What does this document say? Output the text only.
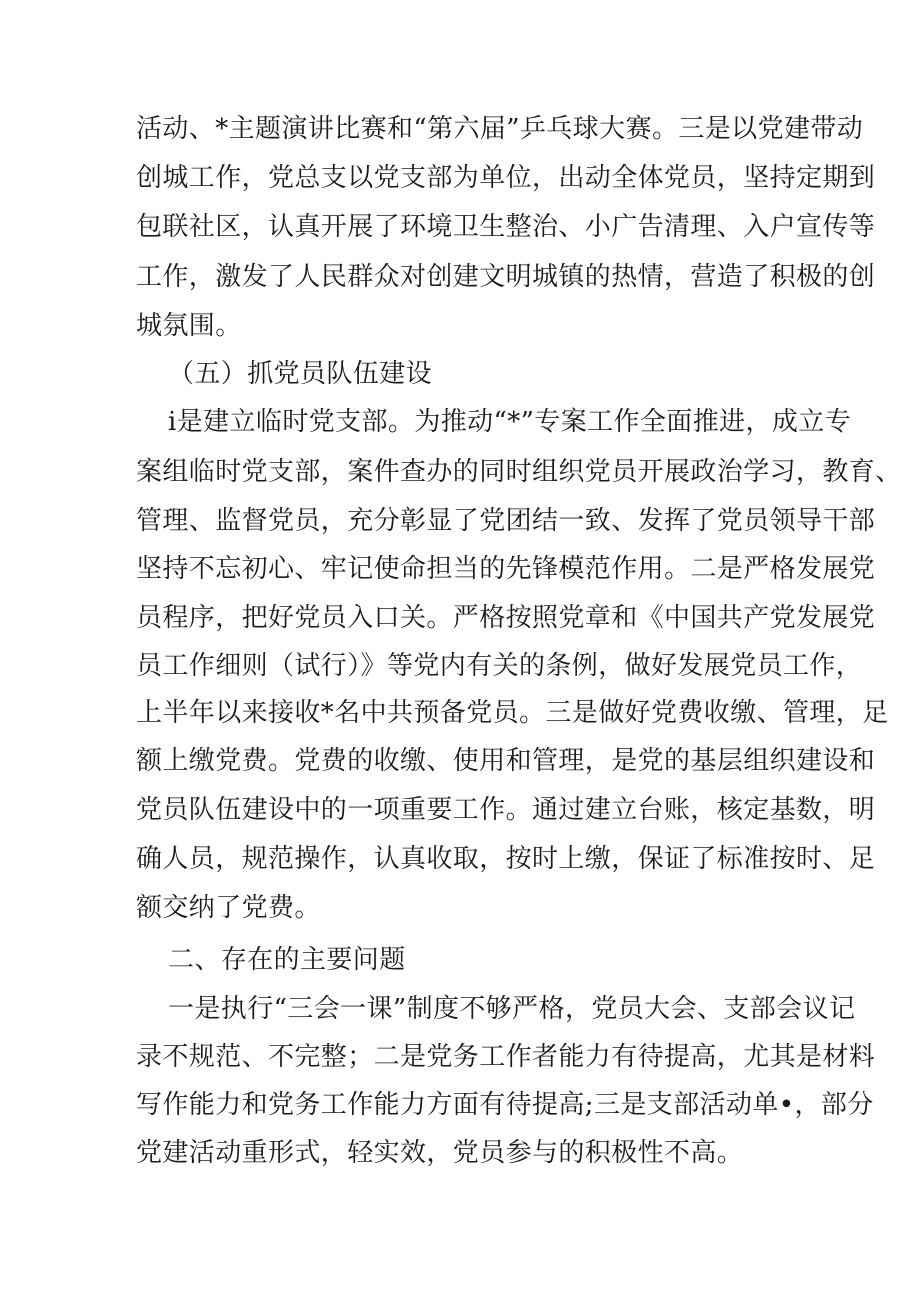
活动、*主题演讲比赛和“第六届”乒乓球大赛。三是以党建带动

创城工作，党总支以党支部为单位，出动全体党员，坚持定期到

包联社区，认真开展了环境卫生整治、小广告清理、入户宣传等

工作，激发了人民群众对创建文明城镇的热情，营造了积极的创

城氛围。

（五）抓党员队伍建设

i是建立临时党支部。为推动“*”专案工作全面推进，成立专

案组临时党支部，案件查办的同时组织党员开展政治学习，教育、

管理、监督党员，充分彰显了党团结一致、发挥了党员领导干部

坚持不忘初心、牢记使命担当的先锋模范作用。二是严格发展党

员程序，把好党员入口关。严格按照党章和《中国共产党发展党

员工作细则（试行）》等党内有关的条例，做好发展党员工作，

上半年以来接收*名中共预备党员。三是做好党费收缴、管理，足

额上缴党费。党费的收缴、使用和管理，是党的基层组织建设和

党员队伍建设中的一项重要工作。通过建立台账，核定基数，明

确人员，规范操作，认真收取，按时上缴，保证了标准按时、足

额交纳了党费。

二、存在的主要问题

一是执行“三会一课”制度不够严格，党员大会、支部会议记

录不规范、不完整；二是党务工作者能力有待提高，尤其是材料

写作能力和党务工作能力方面有待提高;三是支部活动单•，部分

党建活动重形式，轻实效，党员参与的积极性不高。
